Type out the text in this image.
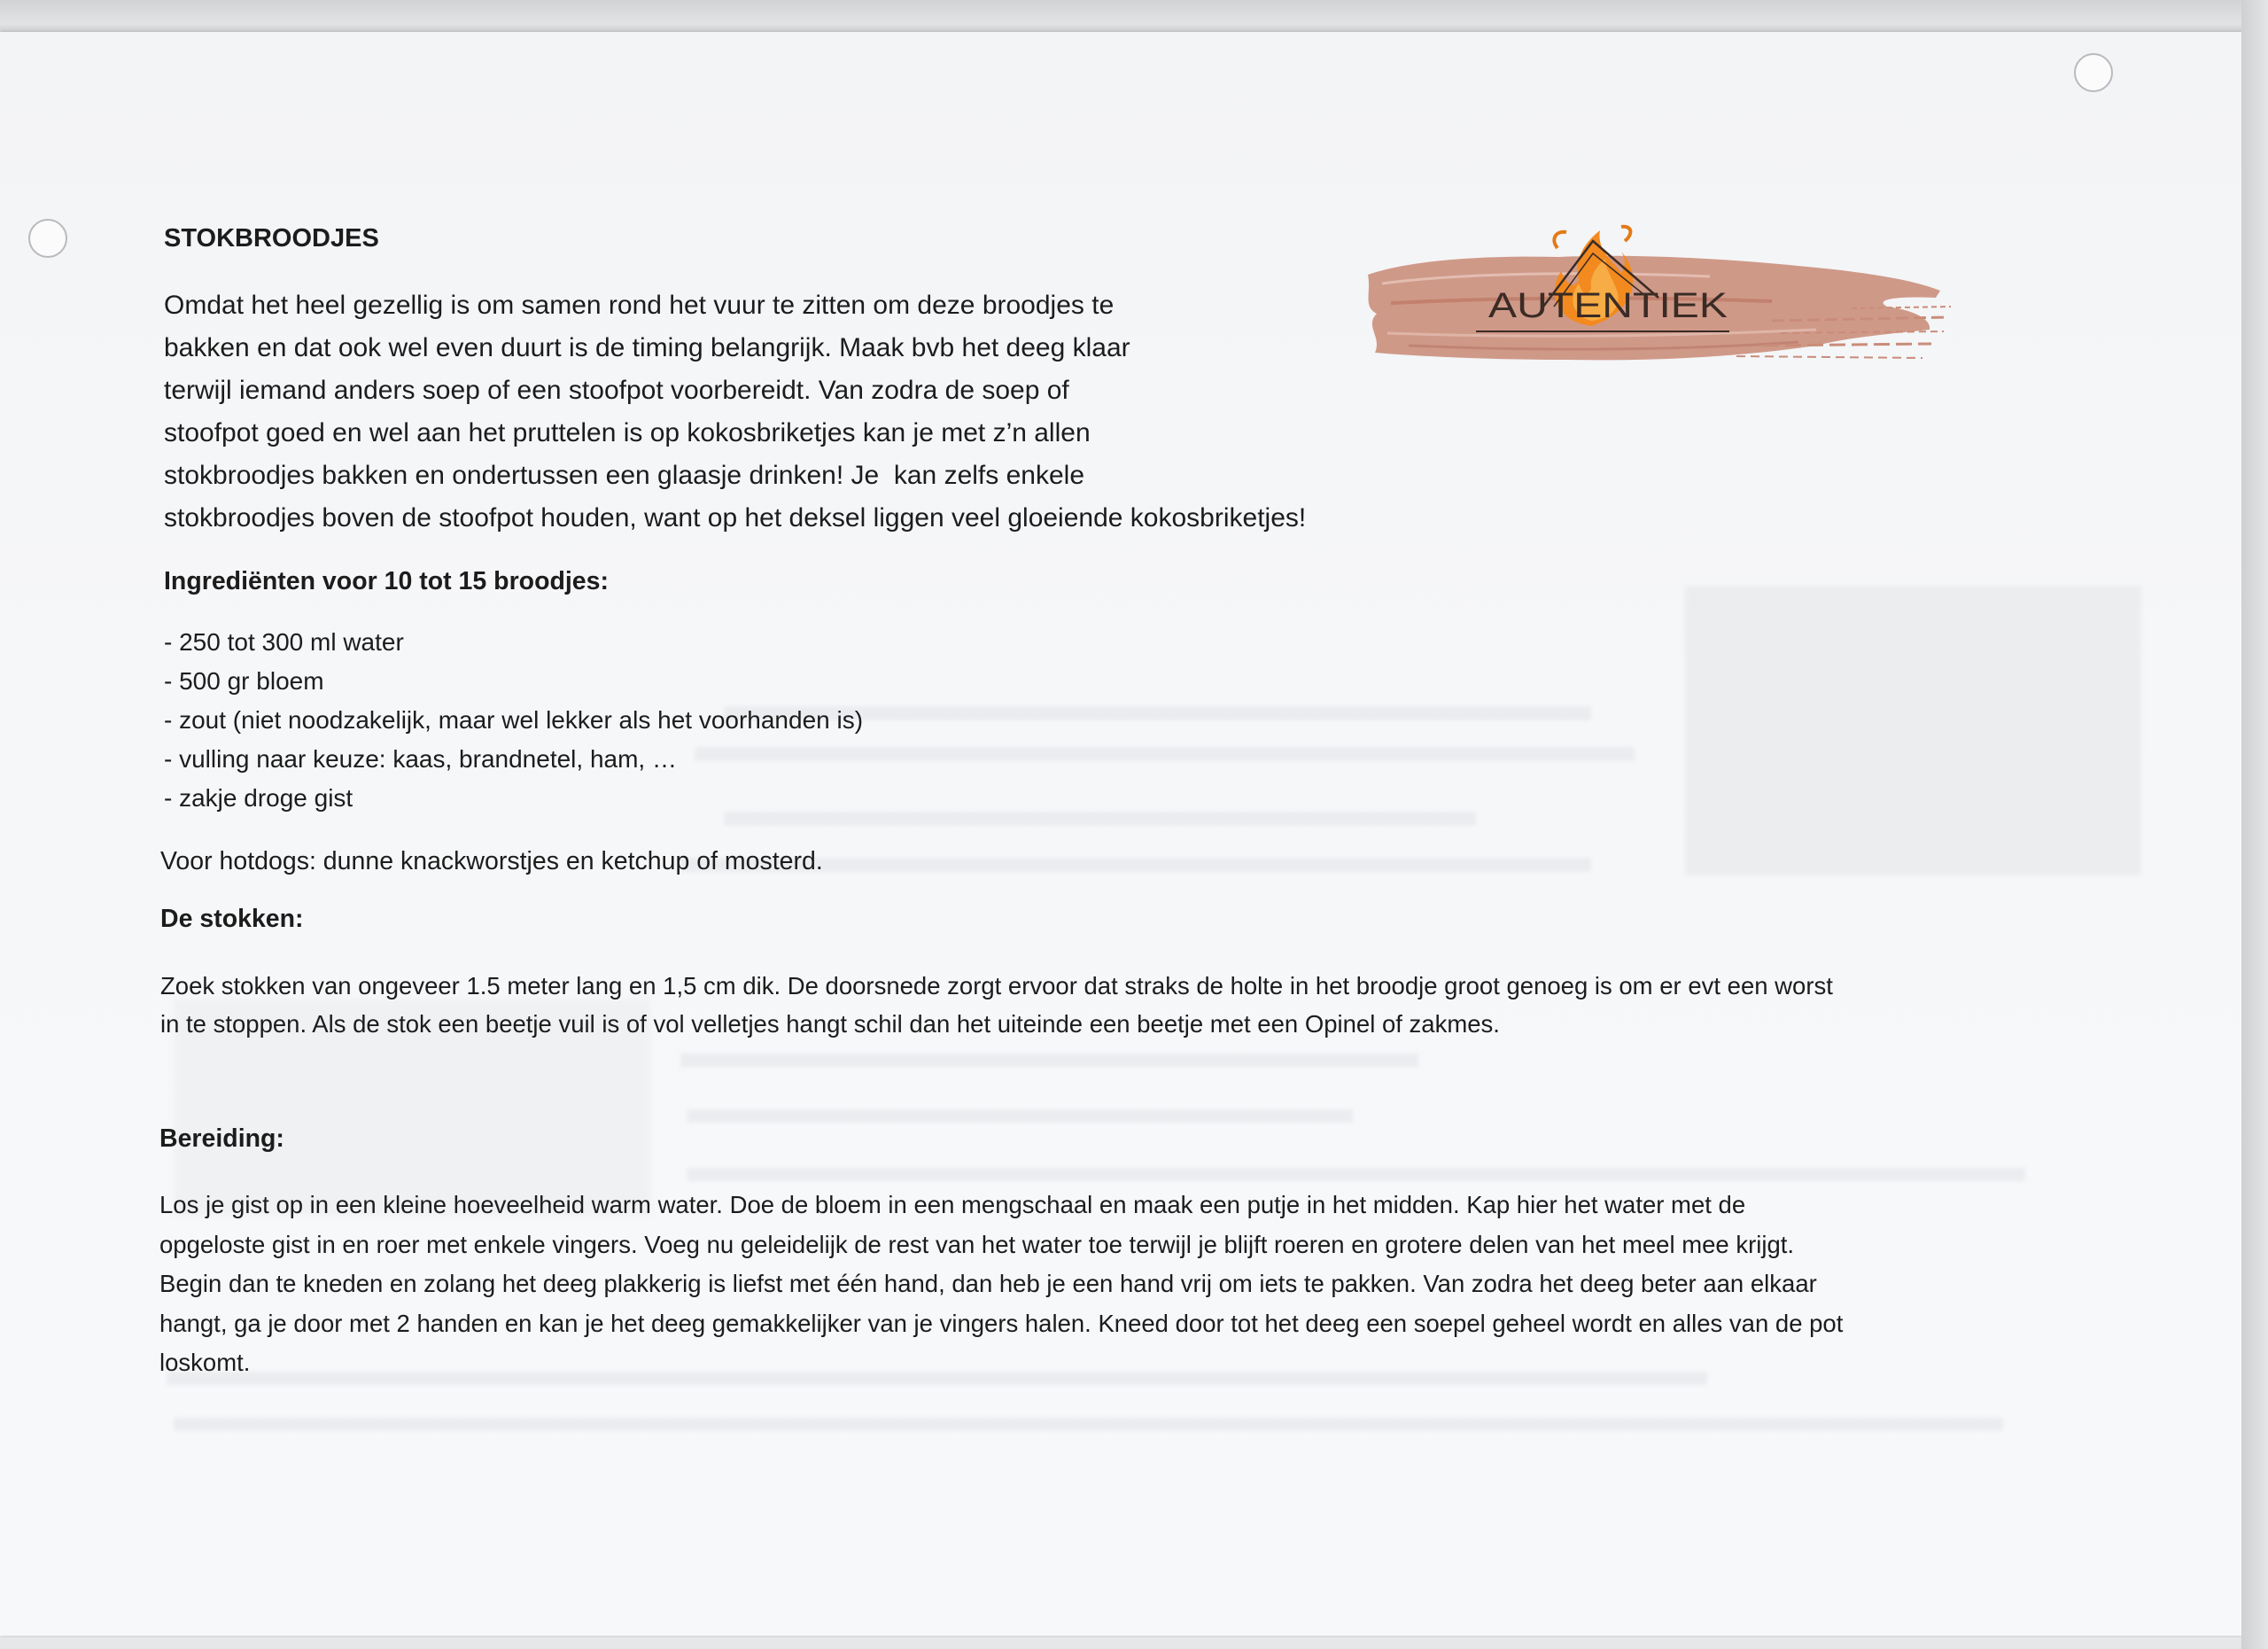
AUTENTIEK
STOKBROODJES
Omdat het heel gezellig is om samen rond het vuur te zitten om deze broodjes te
bakken en dat ook wel even duurt is de timing belangrijk. Maak bvb het deeg klaar
terwijl iemand anders soep of een stoofpot voorbereidt. Van zodra de soep of
stoofpot goed en wel aan het pruttelen is op kokosbriketjes kan je met z’n allen
stokbroodjes bakken en ondertussen een glaasje drinken! Je  kan zelfs enkele
stokbroodjes boven de stoofpot houden, want op het deksel liggen veel gloeiende kokosbriketjes!
Ingrediënten voor 10 tot 15 broodjes:
- 250 tot 300 ml water
- 500 gr bloem
- zout (niet noodzakelijk, maar wel lekker als het voorhanden is)
- vulling naar keuze: kaas, brandnetel, ham, …
- zakje droge gist
Voor hotdogs: dunne knackworstjes en ketchup of mosterd.
De stokken:
Zoek stokken van ongeveer 1.5 meter lang en 1,5 cm dik. De doorsnede zorgt ervoor dat straks de holte in het broodje groot genoeg is om er evt een worst
in te stoppen. Als de stok een beetje vuil is of vol velletjes hangt schil dan het uiteinde een beetje met een Opinel of zakmes.
Bereiding:
Los je gist op in een kleine hoeveelheid warm water. Doe de bloem in een mengschaal en maak een putje in het midden. Kap hier het water met de
opgeloste gist in en roer met enkele vingers. Voeg nu geleidelijk de rest van het water toe terwijl je blijft roeren en grotere delen van het meel mee krijgt.
Begin dan te kneden en zolang het deeg plakkerig is liefst met één hand, dan heb je een hand vrij om iets te pakken. Van zodra het deeg beter aan elkaar
hangt, ga je door met 2 handen en kan je het deeg gemakkelijker van je vingers halen. Kneed door tot het deeg een soepel geheel wordt en alles van de pot
loskomt.
